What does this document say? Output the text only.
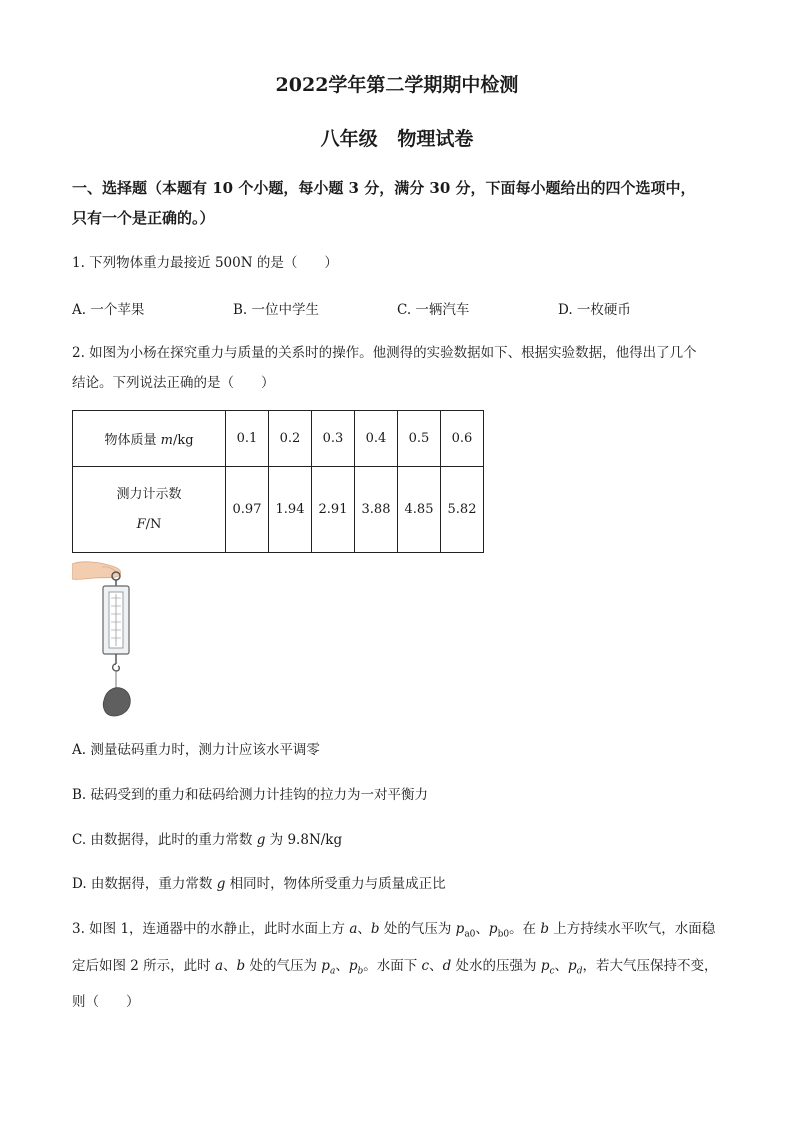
2022学年第二学期期中检测
八年级   物理试卷
一、选择题（本题有 10 个小题，每小题 3 分，满分 30 分，下面每小题给出的四个选项中，
只有一个是正确的。）
1. 下列物体重力最接近 500N 的是（　　）
A. 一个苹果	B. 一位中学生	C. 一辆汽车	D. 一枚硬币
2. 如图为小杨在探究重力与质量的关系时的操作。他测得的实验数据如下、根据实验数据，他得出了几个
结论。下列说法正确的是（　　）
物体质量 m/kg	0.1	0.2	0.3	0.4	0.5	0.6

测力计示数
F/N	0.97	1.94	2.91	3.88	4.85	5.82
A. 测量砝码重力时，测力计应该水平调零
B. 砝码受到的重力和砝码给测力计挂钩的拉力为一对平衡力
C. 由数据得，此时的重力常数 g 为 9.8N/kg
D. 由数据得，重力常数 g 相同时，物体所受重力与质量成正比
3. 如图 1，连通器中的水静止，此时水面上方 a、b 处的气压为 $p_{a0}$、$p_{b0}$。在 b 上方持续水平吹气，水面稳
定后如图 2 所示，此时 a、b 处的气压为 $p_a$、$p_b$。水面下 c、d 处水的压强为 $p_c$、$p_d$，若大气压保持不变，
则（　　）
